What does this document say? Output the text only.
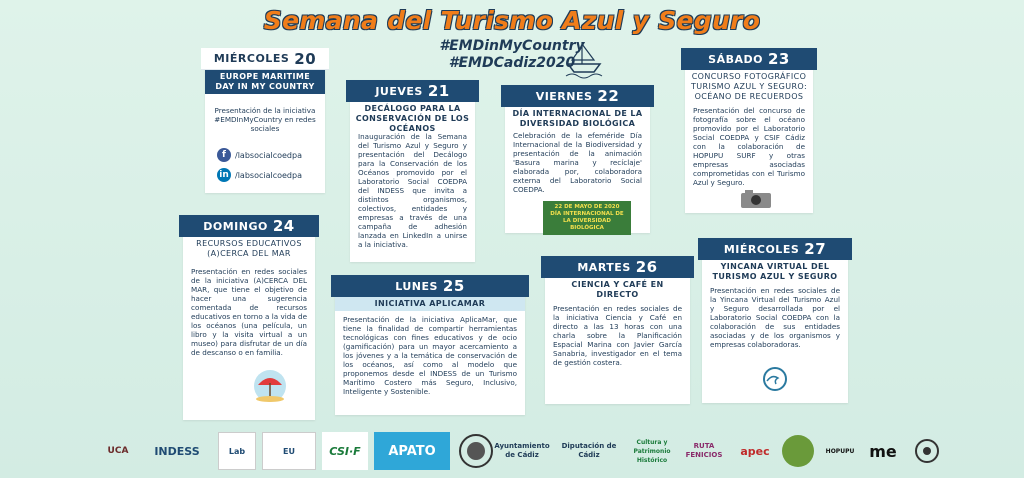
Semana del Turismo Azul y Seguro
#EMDinMyCountry
#EMDCadiz2020
MIÉRCOLES 20
EUROPE MARITIME DAY IN MY COUNTRY
Presentación de la iniciativa #EMDInMyCountry en redes sociales
f	/labsocialcoedpa
in /labsocialcoedpa
JUEVES 21
DECÁLOGO PARA LA CONSERVACIÓN DE LOS OCÉANOS
Inauguración de la Semana del Turismo Azul y Seguro y presentación del Decálogo para la Conservación de los Océanos promovido por el Laboratorio Social COEDPA del INDESS que invita a distintos organismos, colectivos, entidades y empresas a través de una campaña de adhesión lanzada en LinkedIn a unirse a la iniciativa.
VIERNES 22
DÍA INTERNACIONAL DE LA DIVERSIDAD BIOLÓGICA
Celebración de la efeméride Día Internacional de la Biodiversidad y presentación de la animación 'Basura marina y recíclaje' elaborada por, colaboradora externa del Laboratorio Social COEDPA.
22 DE MAYO DE 2020
DÍA INTERNACIONAL DE LA DIVERSIDAD BIOLÓGICA
SÁBADO 23
CONCURSO FOTOGRÁFICO TURISMO AZUL Y SEGURO: OCÉANO DE RECUERDOS
Presentación del concurso de fotografía sobre el océano promovido por el Laboratorio Social COEDPA y CSIF Cádiz con la colaboración de HOPUPU SURF y otras empresas asociadas comprometidas con el Turismo Azul y Seguro.
DOMINGO 24
RECURSOS EDUCATIVOS (A)CERCA DEL MAR
Presentación en redes sociales de la iniciativa (A)CERCA DEL MAR, que tiene el objetivo de hacer una sugerencia comentada de recursos educativos en torno a la vida de los océanos (una película, un libro y la visita virtual a un museo) para disfrutar de un día de descanso o en familia.
LUNES 25
INICIATIVA APLICAMAR
Presentación de la iniciativa AplicaMar, que tiene la finalidad de compartir herramientas tecnológicas con fines educativos y de ocio (gamificación) para un mayor acercamiento a los jóvenes y a la temática de conservación de los océanos, así como al modelo que proponemos desde el INDESS de un Turismo Marítimo Costero más Seguro, Inclusivo, Inteligente y Sostenible.
MARTES 26
CIENCIA Y CAFÉ EN DIRECTO
Presentación en redes sociales de la iniciativa Ciencia y Café en directo a las 13 horas con una charla sobre la Planificación Espacial Marina con Javier García Sanabria, investigador en el tema de gestión costera.
MIÉRCOLES 27
YINCANA VIRTUAL DEL TURISMO AZUL Y SEGURO
Presentación en redes sociales de la Yincana Virtual del Turismo Azul y Seguro desarrollada por el Laboratorio Social COEDPA con la colaboración de sus entidades asociadas y de los organismos y empresas colaboradoras.
UCA INDESS	Lab	EU	CSI·F APATO	Ayuntamiento de Cádiz
Diputación de Cádiz
Cultura y Patrimonio Histórico
RUTA FENICIOS	apec	HOPUPU me
